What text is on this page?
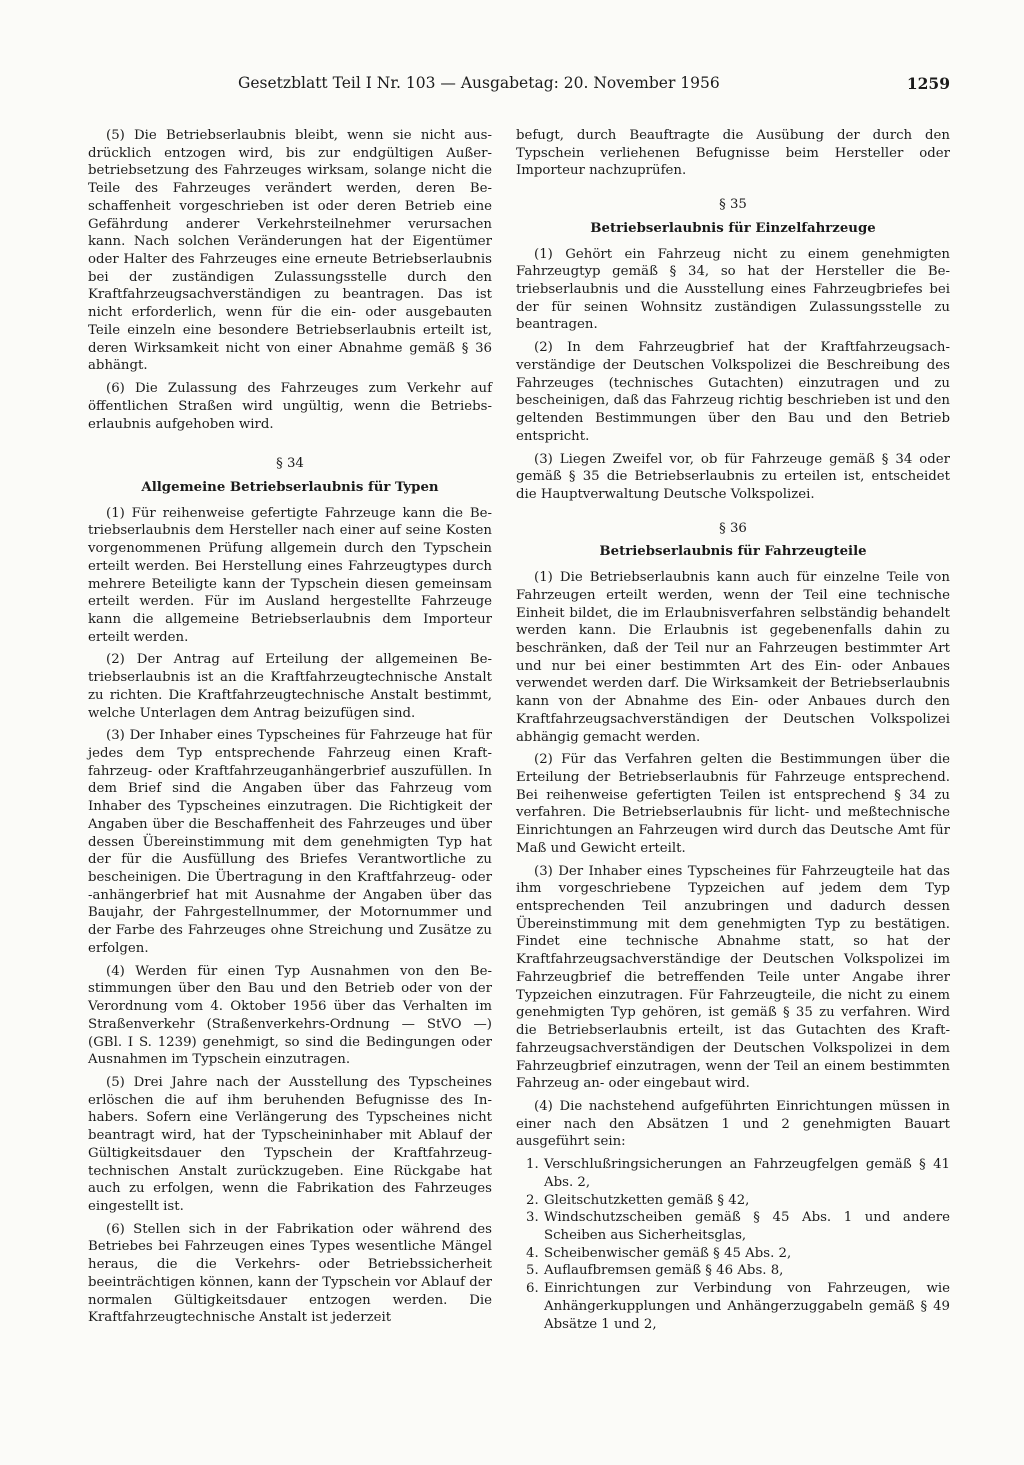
Gesetzblatt Teil I Nr. 103 — Ausgabetag: 20. November 1956	1259

(5) Die Betriebserlaubnis bleibt, wenn sie nicht ausdrücklich entzogen wird, bis zur endgültigen Außerbetriebsetzung des Fahrzeuges wirksam, solange nicht die Teile des Fahrzeuges verändert werden, deren Beschaffenheit vorgeschrieben ist oder deren Betrieb eine Gefährdung anderer Verkehrsteilnehmer verursachen kann. Nach solchen Veränderungen hat der Eigentümer oder Halter des Fahrzeuges eine erneute Betriebserlaubnis bei der zuständigen Zulassungsstelle durch den Kraftfahrzeugsachverständigen zu beantragen. Das ist nicht erforderlich, wenn für die ein- oder ausgebauten Teile einzeln eine besondere Betriebserlaubnis erteilt ist, deren Wirksamkeit nicht von einer Abnahme gemäß § 36 abhängt.

(6) Die Zulassung des Fahrzeuges zum Verkehr auf öffentlichen Straßen wird ungültig, wenn die Betriebserlaubnis aufgehoben wird.

§ 34
Allgemeine Betriebserlaubnis für Typen

(1) Für reihenweise gefertigte Fahrzeuge kann die Betriebserlaubnis dem Hersteller nach einer auf seine Kosten vorgenommenen Prüfung allgemein durch den Typschein erteilt werden. Bei Herstellung eines Fahrzeugtypes durch mehrere Beteiligte kann der Typschein diesen gemeinsam erteilt werden. Für im Ausland hergestellte Fahrzeuge kann die allgemeine Betriebserlaubnis dem Importeur erteilt werden.

(2) Der Antrag auf Erteilung der allgemeinen Betriebserlaubnis ist an die Kraftfahrzeugtechnische Anstalt zu richten. Die Kraftfahrzeugtechnische Anstalt bestimmt, welche Unterlagen dem Antrag beizufügen sind.

(3) Der Inhaber eines Typscheines für Fahrzeuge hat für jedes dem Typ entsprechende Fahrzeug einen Kraftfahrzeug- oder Kraftfahrzeuganhängerbrief auszufüllen. In dem Brief sind die Angaben über das Fahrzeug vom Inhaber des Typscheines einzutragen. Die Richtigkeit der Angaben über die Beschaffenheit des Fahrzeuges und über dessen Übereinstimmung mit dem genehmigten Typ hat der für die Ausfüllung des Briefes Verantwortliche zu bescheinigen. Die Übertragung in den Kraftfahrzeug- oder -anhängerbrief hat mit Ausnahme der Angaben über das Baujahr, der Fahrgestellnummer, der Motornummer und der Farbe des Fahrzeuges ohne Streichung und Zusätze zu erfolgen.

(4) Werden für einen Typ Ausnahmen von den Bestimmungen über den Bau und den Betrieb oder von der Verordnung vom 4. Oktober 1956 über das Verhalten im Straßenverkehr (Straßenverkehrs-Ordnung — StVO —) (GBl. I S. 1239) genehmigt, so sind die Bedingungen oder Ausnahmen im Typschein einzutragen.

(5) Drei Jahre nach der Ausstellung des Typscheines erlöschen die auf ihm beruhenden Befugnisse des Inhabers. Sofern eine Verlängerung des Typscheines nicht beantragt wird, hat der Typscheininhaber mit Ablauf der Gültigkeitsdauer den Typschein der Kraftfahrzeugtechnischen Anstalt zurückzugeben. Eine Rückgabe hat auch zu erfolgen, wenn die Fabrikation des Fahrzeuges eingestellt ist.

(6) Stellen sich in der Fabrikation oder während des Betriebes bei Fahrzeugen eines Types wesentliche Mängel heraus, die die Verkehrs- oder Betriebssicherheit beeinträchtigen können, kann der Typschein vor Ablauf der normalen Gültigkeitsdauer entzogen werden. Die Kraftfahrzeugtechnische Anstalt ist jederzeit

befugt, durch Beauftragte die Ausübung der durch den Typschein verliehenen Befugnisse beim Hersteller oder Importeur nachzuprüfen.

§ 35
Betriebserlaubnis für Einzelfahrzeuge

(1) Gehört ein Fahrzeug nicht zu einem genehmigten Fahrzeugtyp gemäß § 34, so hat der Hersteller die Betriebserlaubnis und die Ausstellung eines Fahrzeugbriefes bei der für seinen Wohnsitz zuständigen Zulassungsstelle zu beantragen.

(2) In dem Fahrzeugbrief hat der Kraftfahrzeugsachverständige der Deutschen Volkspolizei die Beschreibung des Fahrzeuges (technisches Gutachten) einzutragen und zu bescheinigen, daß das Fahrzeug richtig beschrieben ist und den geltenden Bestimmungen über den Bau und den Betrieb entspricht.

(3) Liegen Zweifel vor, ob für Fahrzeuge gemäß § 34 oder gemäß § 35 die Betriebserlaubnis zu erteilen ist, entscheidet die Hauptverwaltung Deutsche Volkspolizei.

§ 36
Betriebserlaubnis für Fahrzeugteile

(1) Die Betriebserlaubnis kann auch für einzelne Teile von Fahrzeugen erteilt werden, wenn der Teil eine technische Einheit bildet, die im Erlaubnisverfahren selbständig behandelt werden kann. Die Erlaubnis ist gegebenenfalls dahin zu beschränken, daß der Teil nur an Fahrzeugen bestimmter Art und nur bei einer bestimmten Art des Ein- oder Anbaues verwendet werden darf. Die Wirksamkeit der Betriebserlaubnis kann von der Abnahme des Ein- oder Anbaues durch den Kraftfahrzeugsachverständigen der Deutschen Volkspolizei abhängig gemacht werden.

(2) Für das Verfahren gelten die Bestimmungen über die Erteilung der Betriebserlaubnis für Fahrzeuge entsprechend. Bei reihenweise gefertigten Teilen ist entsprechend § 34 zu verfahren. Die Betriebserlaubnis für licht- und meßtechnische Einrichtungen an Fahrzeugen wird durch das Deutsche Amt für Maß und Gewicht erteilt.

(3) Der Inhaber eines Typscheines für Fahrzeugteile hat das ihm vorgeschriebene Typzeichen auf jedem dem Typ entsprechenden Teil anzubringen und dadurch dessen Übereinstimmung mit dem genehmigten Typ zu bestätigen. Findet eine technische Abnahme statt, so hat der Kraftfahrzeugsachverständige der Deutschen Volkspolizei im Fahrzeugbrief die betreffenden Teile unter Angabe ihrer Typzeichen einzutragen. Für Fahrzeugteile, die nicht zu einem genehmigten Typ gehören, ist gemäß § 35 zu verfahren. Wird die Betriebserlaubnis erteilt, ist das Gutachten des Kraftfahrzeugsachverständigen der Deutschen Volkspolizei in dem Fahrzeugbrief einzutragen, wenn der Teil an einem bestimmten Fahrzeug an- oder eingebaut wird.

(4) Die nachstehend aufgeführten Einrichtungen müssen in einer nach den Absätzen 1 und 2 genehmigten Bauart ausgeführt sein:

1. Verschlußringsicherungen an Fahrzeugfelgen gemäß § 41 Abs. 2,
2. Gleitschutzketten gemäß § 42,
3. Windschutzscheiben gemäß § 45 Abs. 1 und andere Scheiben aus Sicherheitsglas,
4. Scheibenwischer gemäß § 45 Abs. 2,
5. Auflaufbremsen gemäß § 46 Abs. 8,
6. Einrichtungen zur Verbindung von Fahrzeugen, wie Anhängerkupplungen und Anhängerzuggabeln gemäß § 49 Absätze 1 und 2,
